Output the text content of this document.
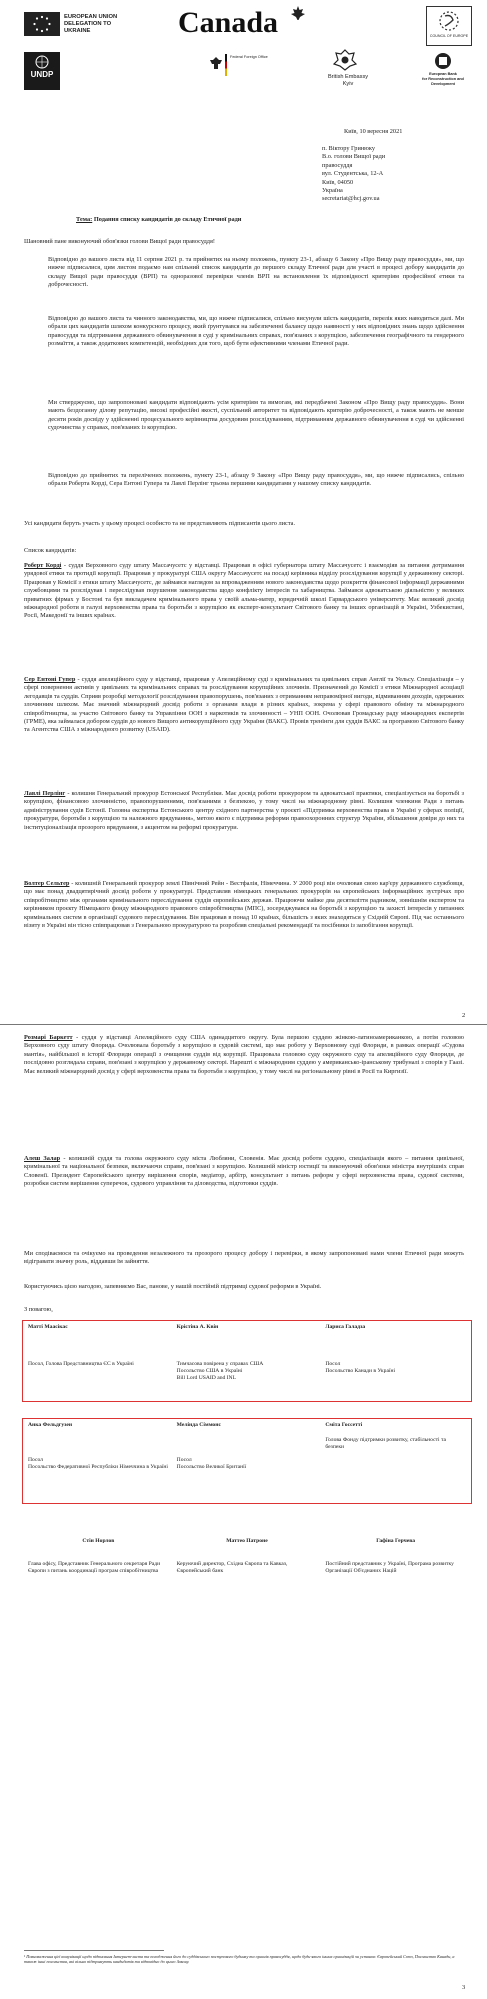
EUROPEAN UNION
DELEGATION TO UKRAINE	Canada	COUNCIL OF EUROPE
UNDP
Federal Foreign Office
British Embassy
Kyiv
European Bank
for Reconstruction and Development

Київ, 10 вересня 2021

п. Віктору Гринюку
В.о. голови Вищої ради
правосуддя
вул. Студентська, 12-А
Київ, 04050
Україна
secretariat@hcj.gov.ua

Тема: Подання списку кандидатів до складу Етичної ради

Шановний пане виконуючий обов'язки голови Вищої ради правосуддя!

Відповідно до вашого листа від 11 серпня 2021 р. та прийнятих на ньому положень, пункту 23-1, абзацу 6 Закону «Про Вищу раду правосуддя», ми, що нижче підписалися, цим листом подаємо нам спільний список кандидатів до першого складу Етичної ради для участі в процесі добору кандидатів до складу Вищої ради правосуддя (ВРП) та одноразової перевірки членів ВРП на встановлення їх відповідності критеріям професійної етики та доброчесності.

Відповідно до вашого листа та чинного законодавства, ми, що нижче підписалися, спільно висунули шість кандидатів, перелік яких наводиться далі. Ми обрали цих кандидатів шляхом конкурсного процесу, який ґрунтувався на забезпеченні балансу щодо наявності у них відповідних знань щодо здійснення правосуддя та підтримання державного обвинувачення в суді у кримінальних справах, пов'язаних з корупцією, забезпечення географічного та гендерного розмаїття, а також додаткових компетенцій, необхідних для того, щоб бути ефективними членами Етичної ради.

Ми стверджуємо, що запропоновані кандидати відповідають усім критеріям та вимогам, які передбачені Законом «Про Вищу раду правосуддя». Вони мають бездоганну ділову репутацію, високі професійні якості, суспільний авторитет та відповідають критерію доброчесності, а також мають не менше десяти років досвіду у здійсненні процесуального керівництва досудовим розслідуванням, підтриманням державного обвинувачення в суді чи здійсненні судочинства у справах, пов'язаних із корупцією.

Відповідно до прийнятих та перелічених положень, пункту 23-1, абзацу 9 Закону «Про Вищу раду правосуддя», ми, що нижче підписались, спільно обрали Роберта Корді, Сера Ентоні Гупера та Лавлі Перлінг трьома першими кандидатами у нашому списку кандидатів.

Усі кандидати беруть участь у цьому процесі особисто та не представляють підписантів цього листа.

Список кандидатів:

Роберт Корді - суддя Верховного суду штату Массачусетс у відставці. Працював в офісі губернатора штату Массачусетс і взаємодіяв за питання дотримання урядової етики та протидії корупції. Працював у прокуратурі США округу Массачусетс на посаді керівника відділу розслідування корупції у державному секторі. Працював у Комісії з етики штату Массачусетс, де займався наглядом за впровадженням нового законодавства щодо розкриття фінансової інформації державними службовцями та розслідував і переслідував порушення законодавства щодо конфлікту інтересів та хабарництва. Займався адвокатською діяльністю у великих приватних фірмах у Бостоні та був викладачем кримінального права у своїй альма-матер, юридичній школі Гарвардського університету. Має великий досвід міжнародної роботи в галузі верховенства права та боротьби з корупцією як експерт-консультант Світового банку та інших організацій в Україні, Узбекистані, Росії, Македонії та інших країнах.

Сер Ентоні Гупер - суддя апеляційного суду у відставці, працював у Апеляційному суді з кримінальних та цивільних справ Англії та Уельсу. Спеціалізація – у сфері повернення активів у цивільних та кримінальних справах та розслідування корупційних злочинів. Призначений до Комісії з етики Міжнародної асоціації легодавців та суддів. Сприяв розробці методології розслідування правопорушень, пов'язаних з отриманням неправомірної вигоди, відмиванням доходів, одержаних злочинним шляхом. Має значний міжнародний досвід роботи з органами влади в різних країнах, зокрема у сфері правового обміну та міжнародного співробітництва, за участю Світового банку та Управління ООН з наркотиків та злочинності – УНП ООН. Очолював Громадську раду міжнародних експертів (ГРМЕ), яка займалася добором суддів до нового Вищого антикорупційного суду України (ВАКС). Провів тренінги для суддів ВАКС за програмою Світового банку та Агентства США з міжнародного розвитку (USAID).

Лавлі Перлінг - колишня Генеральний прокурор Естонської Республіки. Має досвід роботи прокурором та адвокатської практики, спеціалізується на боротьбі з корупцією, фінансовою злочинністю, правопорушеннями, пов'язаними з безпекою, у тому числі на міжнародному рівні. Колишня членкиня Ради з питань адміністрування судів Естонії. Головна експертка Естонського центру східного партнерства у проєкті «Підтримка верховенства права в Україні у сферах поліції, прокуратури, боротьби з корупцією та належного врядування», метою якого є підтримка реформи правоохоронних структур України, збільшення довіри до них та інституціоналізація прозорого врядування, з акцентом на реформі прокуратури.

Волтер Сельтер - колишній Генеральний прокурор землі Північний Рейн - Вестфалія, Німеччина. У 2000 році він очолював свою кар'єру державного службовця, що має понад двадцятирічний досвід роботи у прокуратурі. Представляв німецьких генеральних прокурорів на європейських інформаційних зустрічах про співробітництво між органами кримінального переслідування суддів європейських держав. Працюючи майже два десятиліття радником, зовнішнім експертом та керівником проєкту Німецького фонду міжнародного правового співробітництва (МПС), зосереджувався на боротьбі з корупцією та захисті інтересів у питаннях кримінальних систем в організації судового переслідування. Він працював в понад 10 країнах, більшість з яких знаходяться у Східній Європі. Під час останнього візиту в Україні він тісно співпрацював з Генеральною прокуратурою та розробляв спеціальні рекомендації та посібники із запобігання корупції.

2

Розмарі Баркетт - суддя у відставці Апеляційного суду США одинадцятого округу. Була першою суддею жінкою-латиноамериканкою, а потім головою Верховного суду штату Флорида. Очолювала боротьбу з корупцією в судовій системі, що має роботу у Верховному суді Флориди, в рамках операції «Судова мантія», найбільшої в історії Флориди операції з очищення суддів від корупції. Працювала головою суду окружного суду та апеляційного суду Флориди, де послідовно розглядала справи, пов'язані з корупцією у державному секторі. Нарешті є міжнародним суддею у американсько-іранському трибуналі з спорів у Гаазі. Має великий міжнародний досвід у сфері верховенства права та боротьби з корупцією, у тому числі на регіональному рівні в Росії та Киргизії.

Алеш Залар - колишній суддя та голова окружного суду міста Любляни, Словенія. Має досвід роботи суддею, спеціалізація якого – питання цивільної, кримінальної та національної безпеки, включаючи справи, пов'язані з корупцією. Колишній міністр юстиції та виконуючий обов'язки міністра внутрішніх справ Словенії. Президент Європейського центру вирішення спорів, медіатор, арбітр, консультант з питань реформ у сфері верховенства права, судової системи, розробки систем вирішення суперечок, судового управління та діловодства, підготовки суддів.

Ми сподіваємося та очікуємо на проведення незалежного та прозорого процесу добору і перевірки, в якому запропоновані нами члени Етичної ради можуть відігравати значну роль, віддавши їм зайняття.

Користуючись цією нагодою, запевняємо Вас, панове, у нашій постійній підтримці судової реформи в Україні.

З повагою,

Матті Маасікас
Посол, Голова Представництва ЄС в Україні

Крістіна А. Квін
Тимчасова повірена у справах США
Посольство США в Україні
Bill Lord USAID and INL

Лариса Галадза
Посол
Посольство Канади в Україні
Анка Фельдгузен
Посол
Посольство Федеративної Республіки Німеччина в Україні

Мелінда Сіммонс
Посол
Посольство Великої Британії

Сміта Госсетті
Голова Фонду підтримки розвитку, стабільності та безпеки
Стін Норлов
Глава офісу, Представник Генерального секретаря Ради Європи з питань координації програм співробітництва

Маттео Патроне
Керуючий директор, Східна Європа та Кавказ, Європейський банк

Гафіна Герчева
Постійний представник у Україні, Програма розвитку Організації Об'єднаних Націй
¹ Повноваження цієї комунікації щодо підписання Інтернет-листа та погодження його до суддівського поступового будинку та органів правосуддя, щодо будь-якого інших організацій чи установ: Європейський Союз, Посольство Канади, а також інші посольства, які вільно підтримують кандидатів та відповідно до цього Закону.
3
